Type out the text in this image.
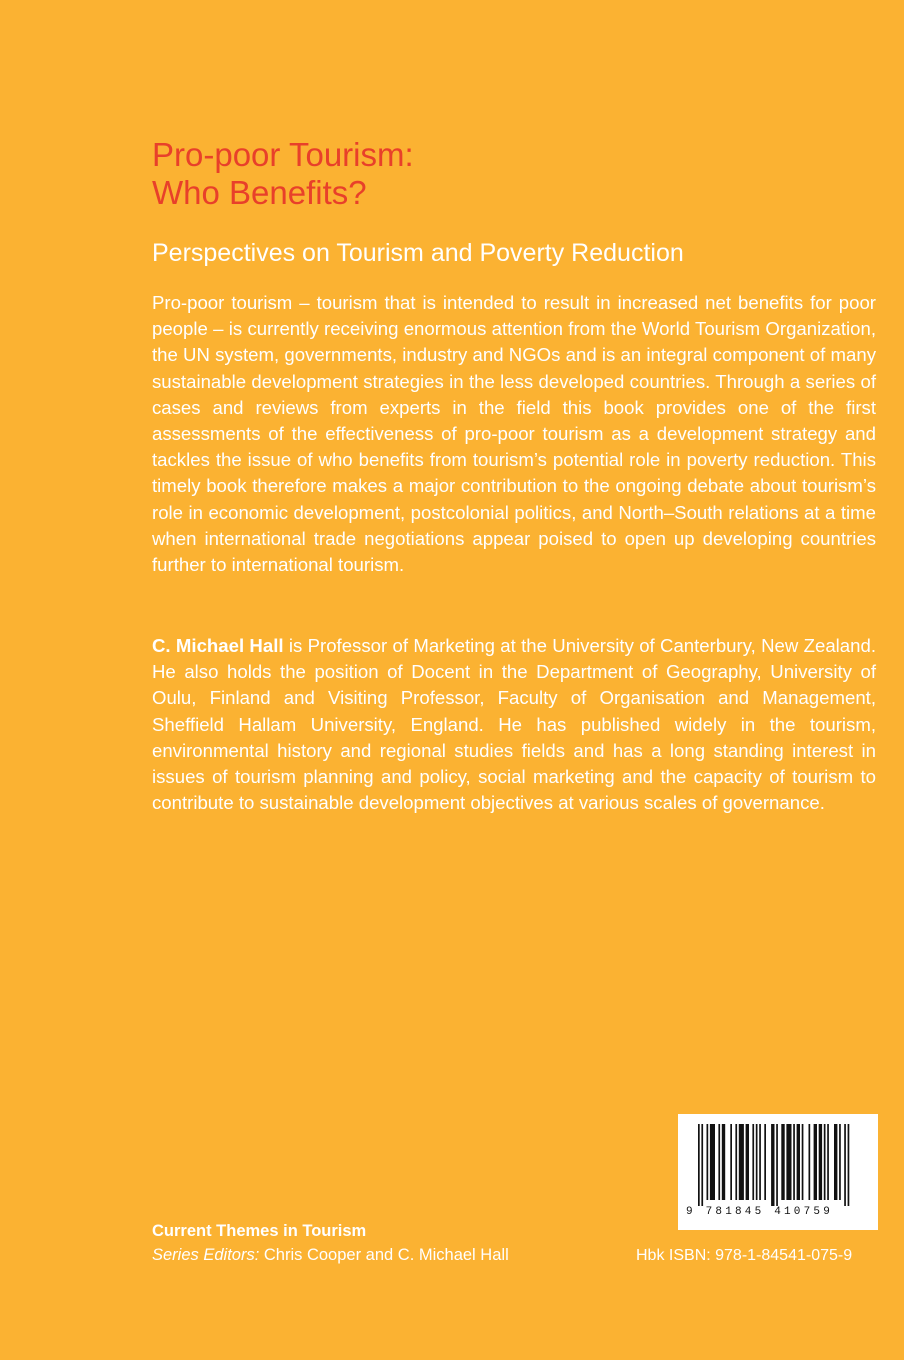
Pro-poor Tourism:
Who Benefits?
Perspectives on Tourism and Poverty Reduction

Pro-poor tourism – tourism that is intended to result in increased net benefits for poor people – is currently receiving enormous attention from the World Tourism Organization, the UN system, governments, industry and NGOs and is an integral component of many sustainable development strategies in the less developed countries. Through a series of cases and reviews from experts in the field this book provides one of the first assessments of the effectiveness of pro-poor tourism as a development strategy and tackles the issue of who benefits from tourism’s potential role in poverty reduction. This timely book therefore makes a major contribution to the ongoing debate about tourism’s role in economic development, postcolonial politics, and North–South relations at a time when international trade negotiations appear poised to open up developing countries further to international tourism.

C. Michael Hall is Professor of Marketing at the University of Canterbury, New Zealand. He also holds the position of Docent in the Department of Geography, University of Oulu, Finland and Visiting Professor, Faculty of Organisation and Management, Sheffield Hallam University, England. He has published widely in the tourism, environmental history and regional studies fields and has a long standing interest in issues of tourism planning and policy, social marketing and the capacity of tourism to contribute to sustainable development objectives at various scales of governance.

Current Themes in Tourism
Series Editors: Chris Cooper and C. Michael Hall
9 781845 410759
Hbk ISBN: 978-1-84541-075-9
